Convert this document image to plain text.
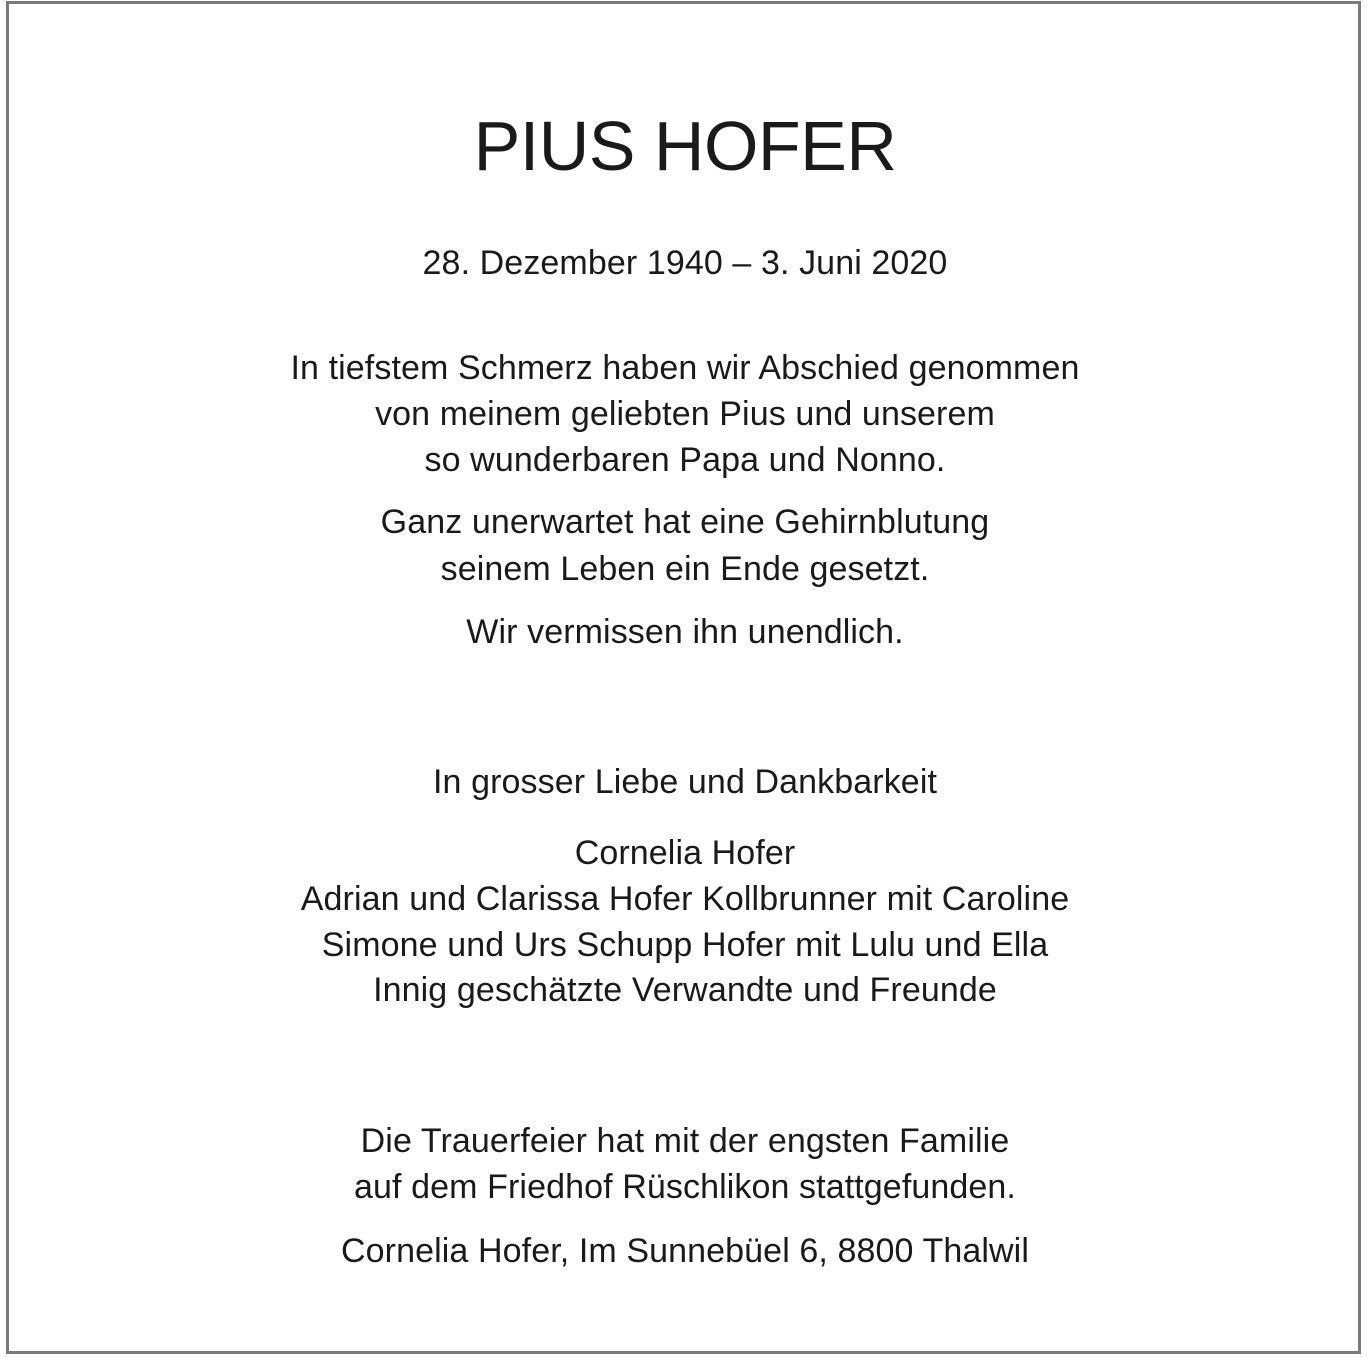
PIUS HOFER
28. Dezember 1940 – 3. Juni 2020
In tiefstem Schmerz haben wir Abschied genommen
von meinem geliebten Pius und unserem
so wunderbaren Papa und Nonno.
Ganz unerwartet hat eine Gehirnblutung
seinem Leben ein Ende gesetzt.
Wir vermissen ihn unendlich.
In grosser Liebe und Dankbarkeit
Cornelia Hofer
Adrian und Clarissa Hofer Kollbrunner mit Caroline
Simone und Urs Schupp Hofer mit Lulu und Ella
Innig geschätzte Verwandte und Freunde
Die Trauerfeier hat mit der engsten Familie
auf dem Friedhof Rüschlikon stattgefunden.
Cornelia Hofer, Im Sunnebüel 6, 8800 Thalwil
